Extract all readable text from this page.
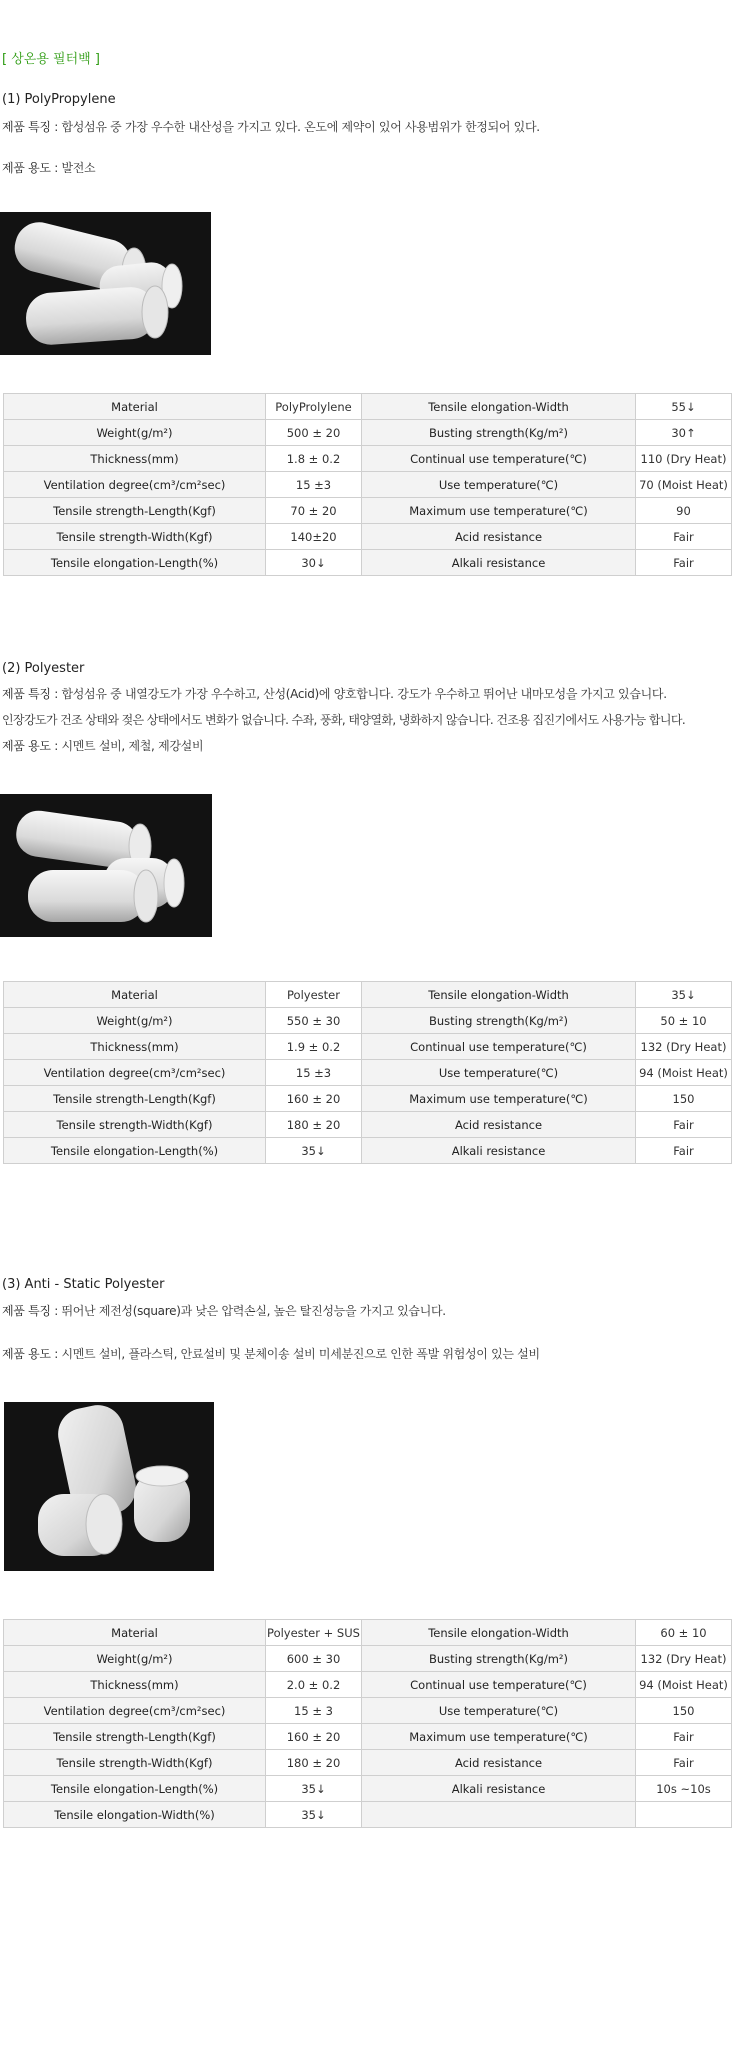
[ 상온용 필터백 ]
(1) PolyPropylene
제품 특징 : 합성섬유 중 가장 우수한 내산성을 가지고 있다. 온도에 제약이 있어 사용범위가 한정되어 있다.
제품 용도 : 발전소
Material	PolyProlylene	Tensile elongation-Width	55↓
Weight(g/m²)	500 ± 20	Busting strength(Kg/m²)	30↑
Thickness(mm)	1.8 ± 0.2	Continual use temperature(℃)	110 (Dry Heat)
Ventilation degree(cm³/cm²sec)	15 ±3	Use temperature(℃)	70 (Moist Heat)
Tensile strength-Length(Kgf)	70 ± 20	Maximum use temperature(℃)	90
Tensile strength-Width(Kgf)	140±20	Acid resistance	Fair
Tensile elongation-Length(%)	30↓	Alkali resistance	Fair
(2) Polyester
제품 특징 : 합성섬유 중 내열강도가 가장 우수하고, 산성(Acid)에 양호합니다. 강도가 우수하고 뛰어난 내마모성을 가지고 있습니다.
인장강도가 건조 상태와 젖은 상태에서도 변화가 없습니다. 수좌, 풍화, 태양열화, 냉화하지 않습니다. 건조용 집진기에서도 사용가능 합니다.
제품 용도 : 시멘트 설비, 제철, 제강설비
Material	Polyester	Tensile elongation-Width	35↓
Weight(g/m²)	550 ± 30	Busting strength(Kg/m²)	50 ± 10
Thickness(mm)	1.9 ± 0.2	Continual use temperature(℃)	132 (Dry Heat)
Ventilation degree(cm³/cm²sec)	15 ±3	Use temperature(℃)	94 (Moist Heat)
Tensile strength-Length(Kgf)	160 ± 20	Maximum use temperature(℃)	150
Tensile strength-Width(Kgf)	180 ± 20	Acid resistance	Fair
Tensile elongation-Length(%)	35↓	Alkali resistance	Fair
(3) Anti - Static Polyester
제품 특징 : 뛰어난 제전성(square)과 낮은 압력손실, 높은 탈진성능을 가지고 있습니다.
제품 용도 : 시멘트 설비, 플라스틱, 안료설비 및 분체이송 설비 미세분진으로 인한 폭발 위험성이 있는 설비
Material	Polyester + SUS	Tensile elongation-Width	60 ± 10
Weight(g/m²)	600 ± 30	Busting strength(Kg/m²)	132 (Dry Heat)
Thickness(mm)	2.0 ± 0.2	Continual use temperature(℃)	94 (Moist Heat)
Ventilation degree(cm³/cm²sec)	15 ± 3	Use temperature(℃)	150
Tensile strength-Length(Kgf)	160 ± 20	Maximum use temperature(℃)	Fair
Tensile strength-Width(Kgf)	180 ± 20	Acid resistance	Fair
Tensile elongation-Length(%)	35↓	Alkali resistance	10s ~10s
Tensile elongation-Width(%)	35↓		
